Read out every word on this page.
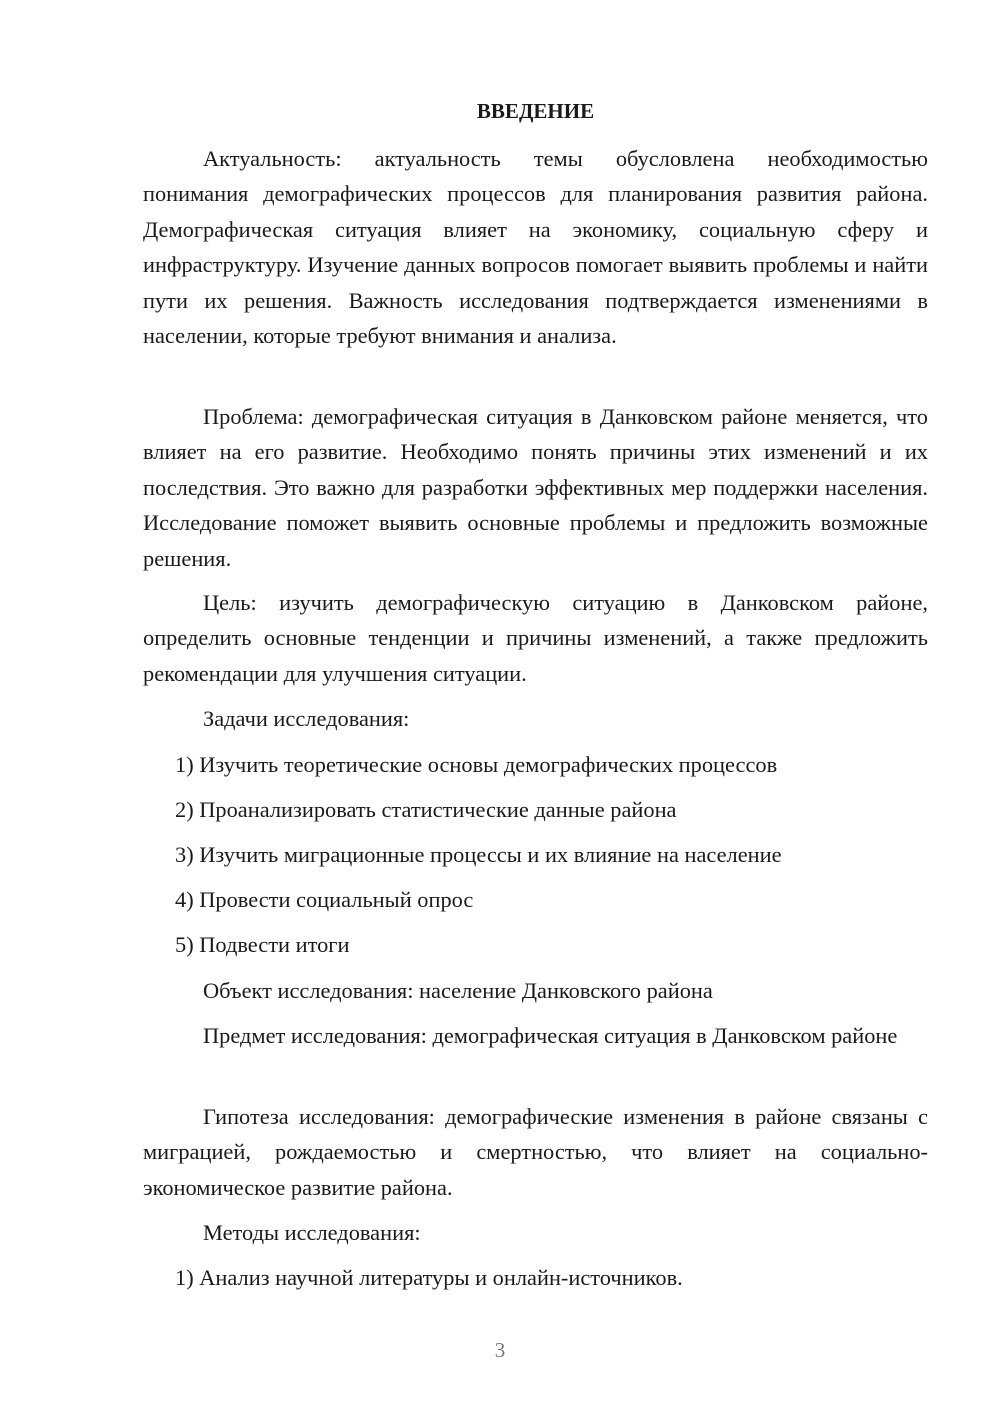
ВВЕДЕНИЕ

Актуальность: актуальность темы обусловлена необходимостью понимания демографических процессов для планирования развития района. Демографическая ситуация влияет на экономику, социальную сферу и инфраструктуру. Изучение данных вопросов помогает выявить проблемы и найти пути их решения. Важность исследования подтверждается изменениями в населении, которые требуют внимания и анализа.

Проблема: демографическая ситуация в Данковском районе меняется, что влияет на его развитие. Необходимо понять причины этих изменений и их последствия. Это важно для разработки эффективных мер поддержки населения. Исследование поможет выявить основные проблемы и предложить возможные решения.

Цель: изучить демографическую ситуацию в Данковском районе, определить основные тенденции и причины изменений, а также предложить рекомендации для улучшения ситуации.

Задачи исследования:

1) Изучить теоретические основы демографических процессов

2) Проанализировать статистические данные района

3) Изучить миграционные процессы и их влияние на население

4) Провести социальный опрос

5) Подвести итоги

Объект исследования: население Данковского района

Предмет исследования: демографическая ситуация в Данковском районе

Гипотеза исследования: демографические изменения в районе связаны с миграцией, рождаемостью и смертностью, что влияет на социально-экономическое развитие района.

Методы исследования:

1) Анализ научной литературы и онлайн-источников.

3
